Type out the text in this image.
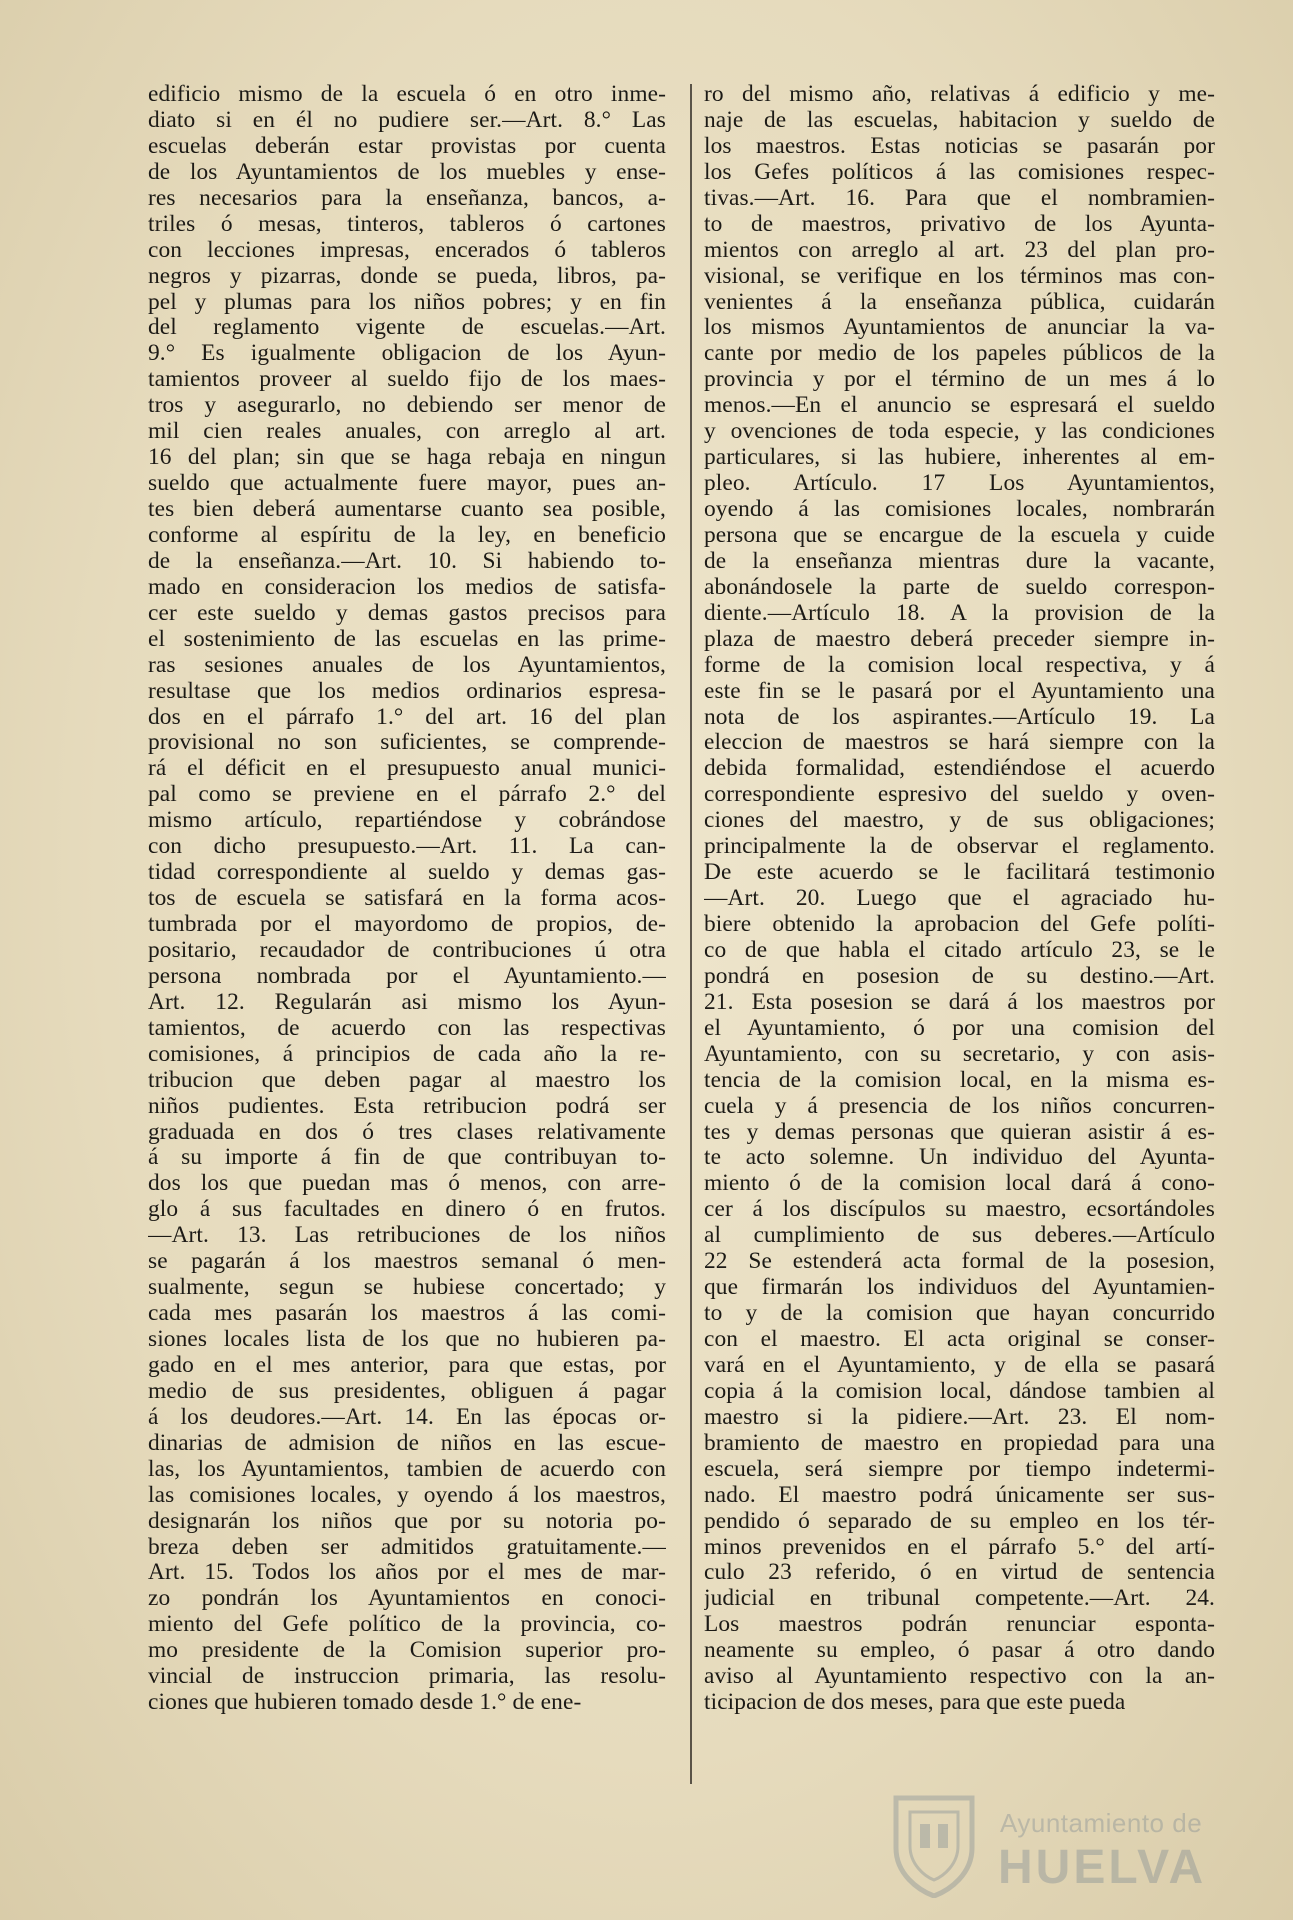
edificio mismo de la escuela ó en otro inme-
diato si en él no pudiere ser.—Art. 8.° Las
escuelas deberán estar provistas por cuenta
de los Ayuntamientos de los muebles y ense-
res necesarios para la enseñanza, bancos, a-
triles ó mesas, tinteros, tableros ó cartones
con lecciones impresas, encerados ó tableros
negros y pizarras, donde se pueda, libros, pa-
pel y plumas para los niños pobres; y en fin
del reglamento vigente de escuelas.—Art.
9.° Es igualmente obligacion de los Ayun-
tamientos proveer al sueldo fijo de los maes-
tros y asegurarlo, no debiendo ser menor de
mil cien reales anuales, con arreglo al art.
16 del plan; sin que se haga rebaja en ningun
sueldo que actualmente fuere mayor, pues an-
tes bien deberá aumentarse cuanto sea posible,
conforme al espíritu de la ley, en beneficio
de la enseñanza.—Art. 10. Si habiendo to-
mado en consideracion los medios de satisfa-
cer este sueldo y demas gastos precisos para
el sostenimiento de las escuelas en las prime-
ras sesiones anuales de los Ayuntamientos,
resultase que los medios ordinarios espresa-
dos en el párrafo 1.° del art. 16 del plan
provisional no son suficientes, se comprende-
rá el déficit en el presupuesto anual munici-
pal como se previene en el párrafo 2.° del
mismo artículo, repartiéndose y cobrándose
con dicho presupuesto.—Art. 11. La can-
tidad correspondiente al sueldo y demas gas-
tos de escuela se satisfará en la forma acos-
tumbrada por el mayordomo de propios, de-
positario, recaudador de contribuciones ú otra
persona nombrada por el Ayuntamiento.—
Art. 12. Regularán asi mismo los Ayun-
tamientos, de acuerdo con las respectivas
comisiones, á principios de cada año la re-
tribucion que deben pagar al maestro los
niños pudientes. Esta retribucion podrá ser
graduada en dos ó tres clases relativamente
á su importe á fin de que contribuyan to-
dos los que puedan mas ó menos, con arre-
glo á sus facultades en dinero ó en frutos.
—Art. 13. Las retribuciones de los niños
se pagarán á los maestros semanal ó men-
sualmente, segun se hubiese concertado; y
cada mes pasarán los maestros á las comi-
siones locales lista de los que no hubieren pa-
gado en el mes anterior, para que estas, por
medio de sus presidentes, obliguen á pagar
á los deudores.—Art. 14. En las épocas or-
dinarias de admision de niños en las escue-
las, los Ayuntamientos, tambien de acuerdo con
las comisiones locales, y oyendo á los maestros,
designarán los niños que por su notoria po-
breza deben ser admitidos gratuitamente.—
Art. 15. Todos los años por el mes de mar-
zo pondrán los Ayuntamientos en conoci-
miento del Gefe político de la provincia, co-
mo presidente de la Comision superior pro-
vincial de instruccion primaria, las resolu-
ciones que hubieren tomado desde 1.° de ene-
ro del mismo año, relativas á edificio y me-
naje de las escuelas, habitacion y sueldo de
los maestros. Estas noticias se pasarán por
los Gefes políticos á las comisiones respec-
tivas.—Art. 16. Para que el nombramien-
to de maestros, privativo de los Ayunta-
mientos con arreglo al art. 23 del plan pro-
visional, se verifique en los términos mas con-
venientes á la enseñanza pública, cuidarán
los mismos Ayuntamientos de anunciar la va-
cante por medio de los papeles públicos de la
provincia y por el término de un mes á lo
menos.—En el anuncio se espresará el sueldo
y ovenciones de toda especie, y las condiciones
particulares, si las hubiere, inherentes al em-
pleo. Artículo. 17 Los Ayuntamientos,
oyendo á las comisiones locales, nombrarán
persona que se encargue de la escuela y cuide
de la enseñanza mientras dure la vacante,
abonándosele la parte de sueldo correspon-
diente.—Artículo 18. A la provision de la
plaza de maestro deberá preceder siempre in-
forme de la comision local respectiva, y á
este fin se le pasará por el Ayuntamiento una
nota de los aspirantes.—Artículo 19. La
eleccion de maestros se hará siempre con la
debida formalidad, estendiéndose el acuerdo
correspondiente espresivo del sueldo y oven-
ciones del maestro, y de sus obligaciones;
principalmente la de observar el reglamento.
De este acuerdo se le facilitará testimonio
—Art. 20. Luego que el agraciado hu-
biere obtenido la aprobacion del Gefe políti-
co de que habla el citado artículo 23, se le
pondrá en posesion de su destino.—Art.
21. Esta posesion se dará á los maestros por
el Ayuntamiento, ó por una comision del
Ayuntamiento, con su secretario, y con asis-
tencia de la comision local, en la misma es-
cuela y á presencia de los niños concurren-
tes y demas personas que quieran asistir á es-
te acto solemne. Un individuo del Ayunta-
miento ó de la comision local dará á cono-
cer á los discípulos su maestro, ecsortándoles
al cumplimiento de sus deberes.—Artículo
22 Se estenderá acta formal de la posesion,
que firmarán los individuos del Ayuntamien-
to y de la comision que hayan concurrido
con el maestro. El acta original se conser-
vará en el Ayuntamiento, y de ella se pasará
copia á la comision local, dándose tambien al
maestro si la pidiere.—Art. 23. El nom-
bramiento de maestro en propiedad para una
escuela, será siempre por tiempo indetermi-
nado. El maestro podrá únicamente ser sus-
pendido ó separado de su empleo en los tér-
minos prevenidos en el párrafo 5.° del artí-
culo 23 referido, ó en virtud de sentencia
judicial en tribunal competente.—Art. 24.
Los maestros podrán renunciar esponta-
neamente su empleo, ó pasar á otro dando
aviso al Ayuntamiento respectivo con la an-
ticipacion de dos meses, para que este pueda
Ayuntamiento de
HUELVA
